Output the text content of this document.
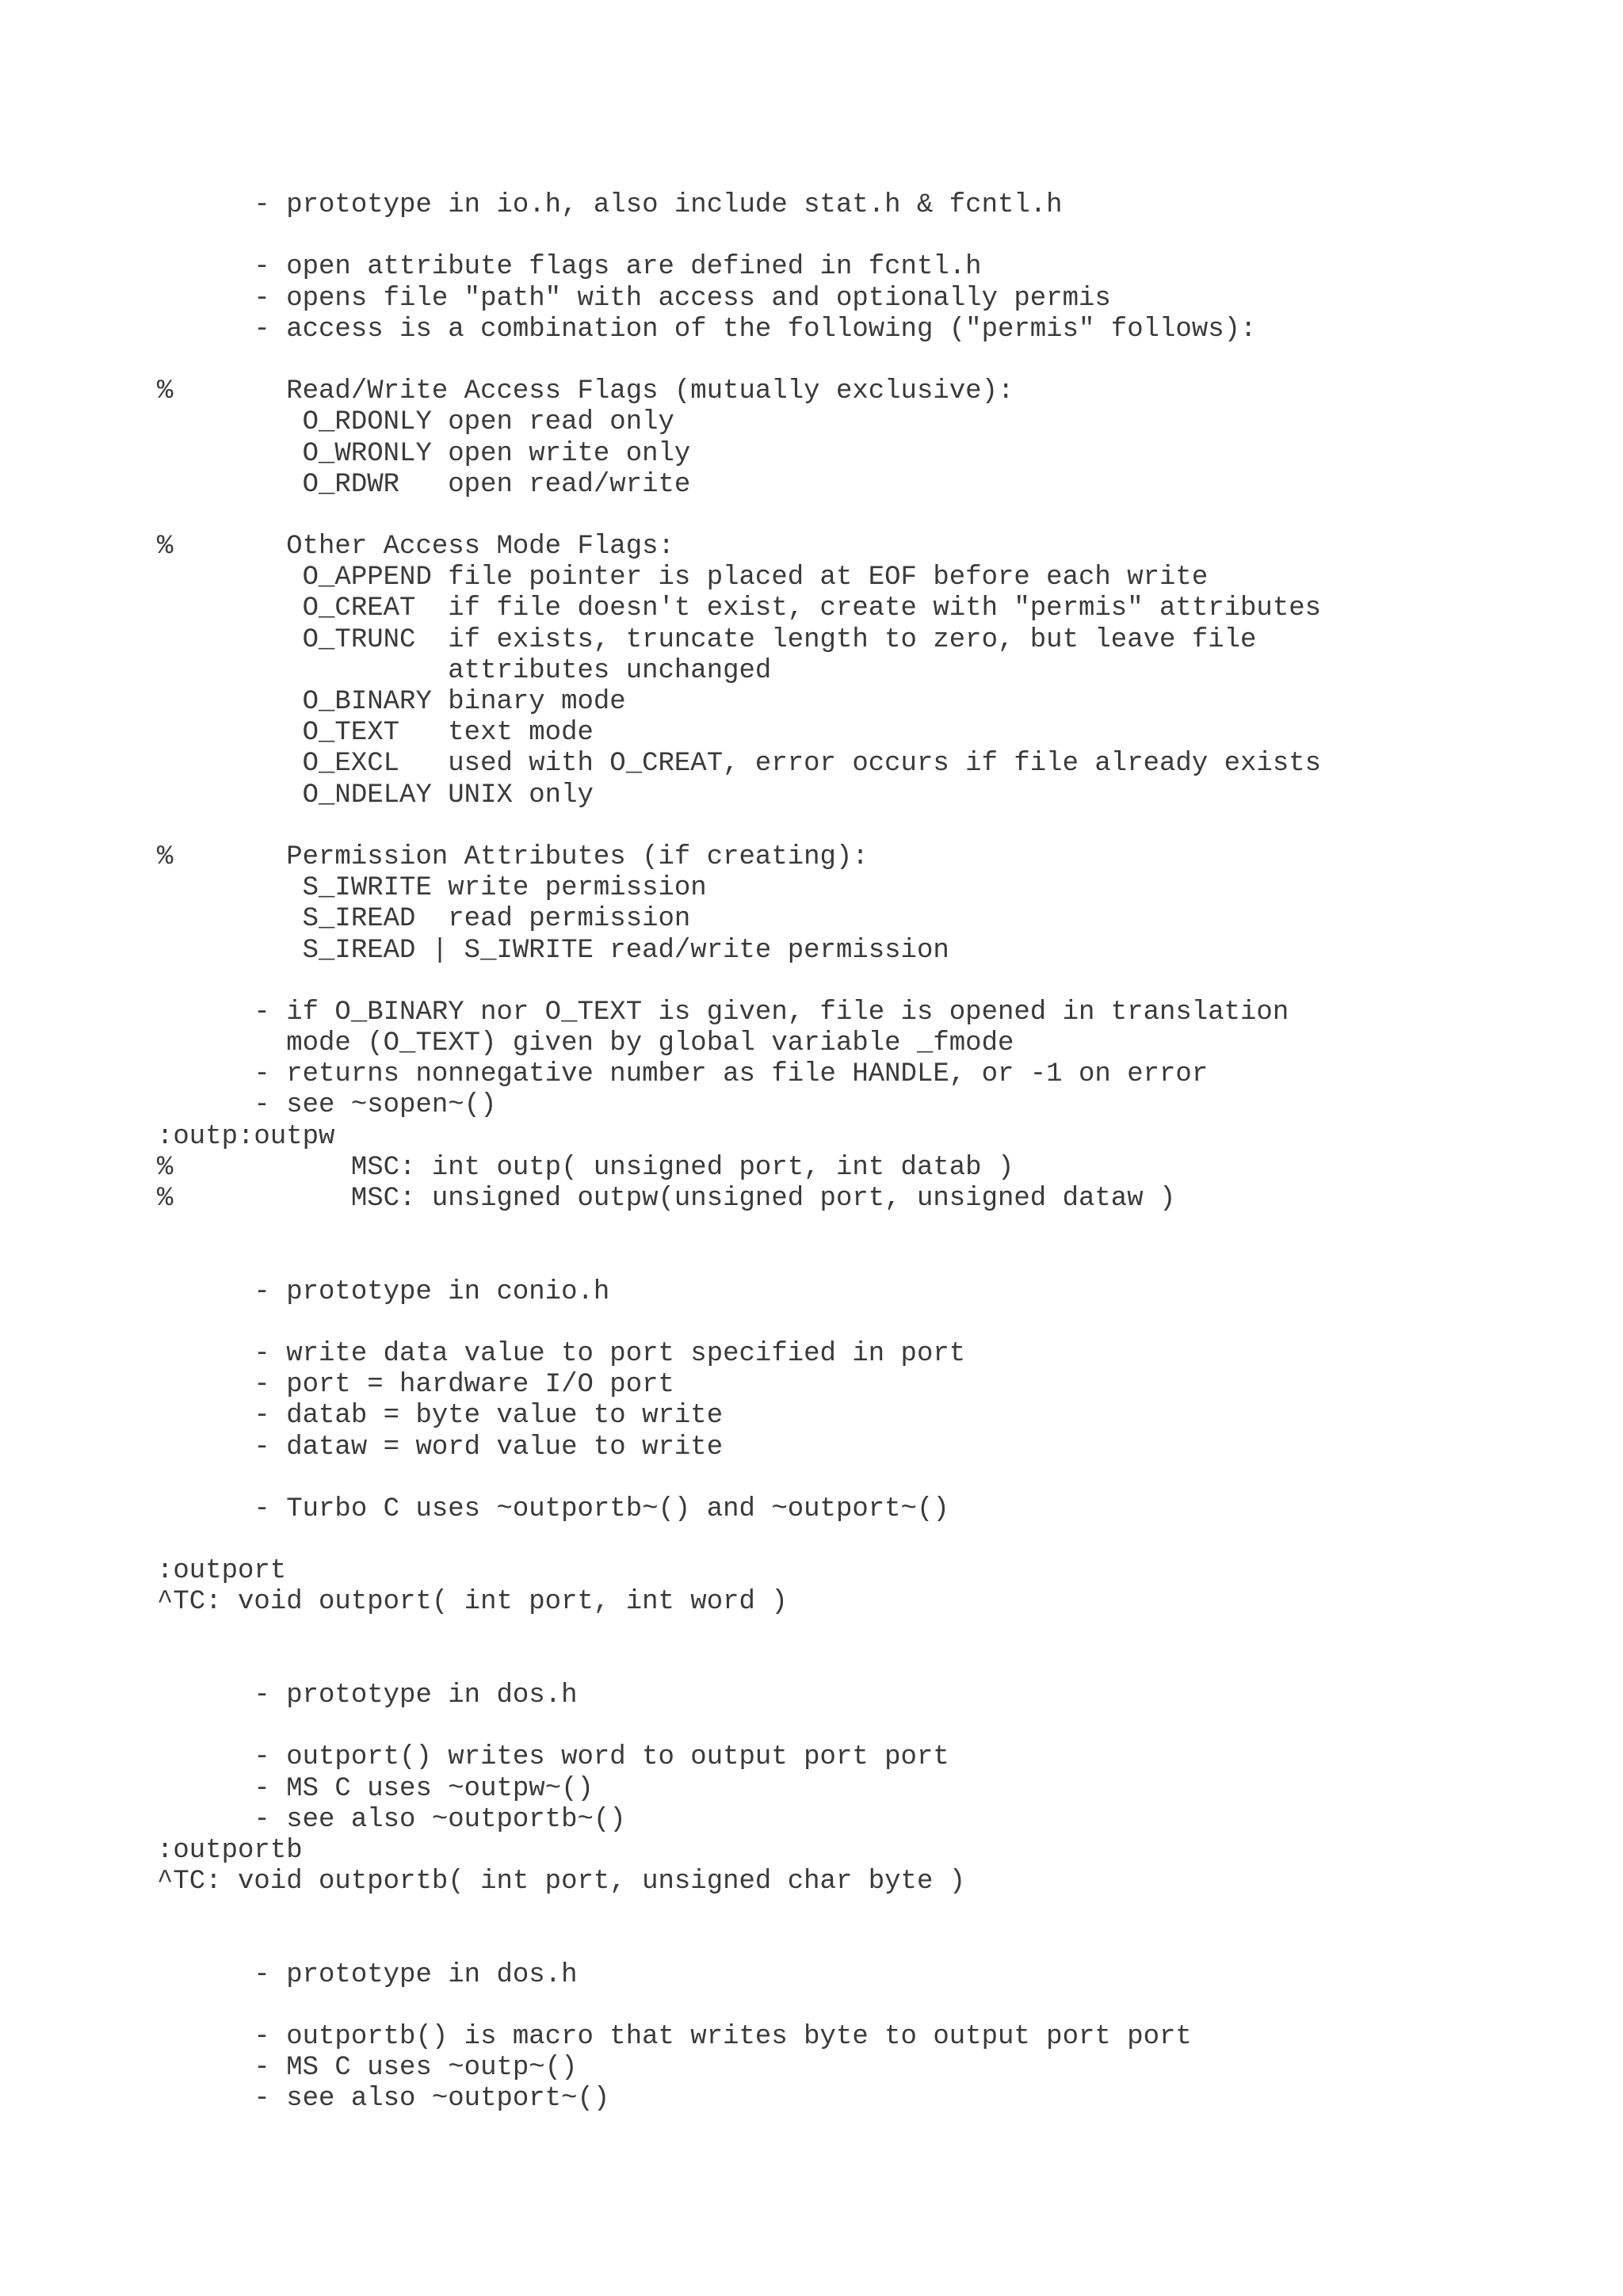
- prototype in io.h, also include stat.h & fcntl.h
- open attribute flags are defined in fcntl.h
- opens file "path" with access and optionally permis
- access is a combination of the following ("permis" follows):
%       Read/Write Access Flags (mutually exclusive):
O_RDONLY open read only
O_WRONLY open write only
O_RDWR   open read/write
%       Other Access Mode Flags:
O_APPEND file pointer is placed at EOF before each write
O_CREAT  if file doesn't exist, create with "permis" attributes
O_TRUNC  if exists, truncate length to zero, but leave file
attributes unchanged
O_BINARY binary mode
O_TEXT   text mode
O_EXCL   used with O_CREAT, error occurs if file already exists
O_NDELAY UNIX only
%       Permission Attributes (if creating):
S_IWRITE write permission
S_IREAD  read permission
S_IREAD | S_IWRITE read/write permission
- if O_BINARY nor O_TEXT is given, file is opened in translation
mode (O_TEXT) given by global variable _fmode
- returns nonnegative number as file HANDLE, or -1 on error
- see ~sopen~()
:outp:outpw
%           MSC: int outp( unsigned port, int datab )
%           MSC: unsigned outpw(unsigned port, unsigned dataw )
- prototype in conio.h
- write data value to port specified in port
- port = hardware I/O port
- datab = byte value to write
- dataw = word value to write
- Turbo C uses ~outportb~() and ~outport~()
:outport
^TC: void outport( int port, int word )
- prototype in dos.h
- outport() writes word to output port port
- MS C uses ~outpw~()
- see also ~outportb~()
:outportb
^TC: void outportb( int port, unsigned char byte )
- prototype in dos.h
- outportb() is macro that writes byte to output port port
- MS C uses ~outp~()
- see also ~outport~()
